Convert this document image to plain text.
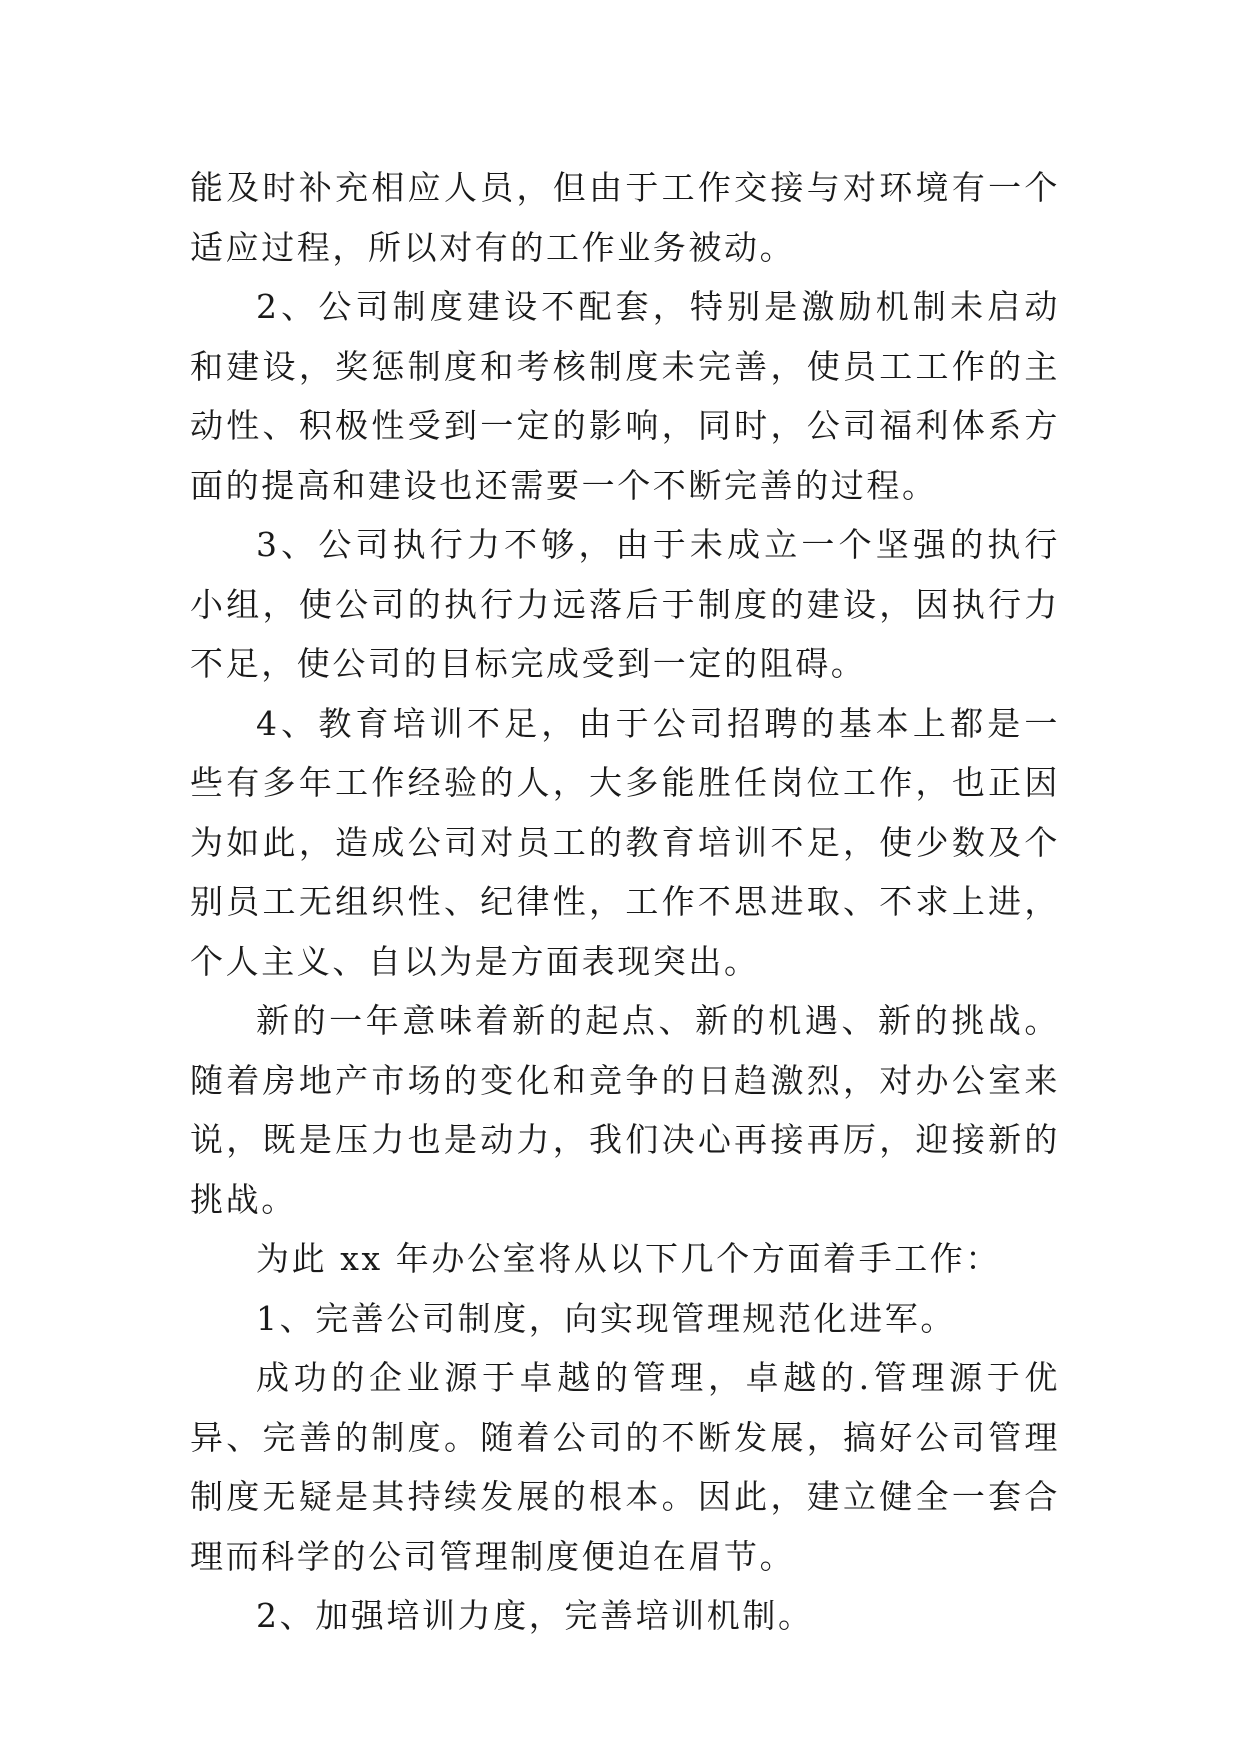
能及时补充相应人员，但由于工作交接与对环境有一个适应过程，所以对有的工作业务被动。

2、公司制度建设不配套，特别是激励机制未启动和建设，奖惩制度和考核制度未完善，使员工工作的主动性、积极性受到一定的影响，同时，公司福利体系方面的提高和建设也还需要一个不断完善的过程。

3、公司执行力不够，由于未成立一个坚强的执行小组，使公司的执行力远落后于制度的建设，因执行力不足，使公司的目标完成受到一定的阻碍。

4、教育培训不足，由于公司招聘的基本上都是一些有多年工作经验的人，大多能胜任岗位工作，也正因为如此，造成公司对员工的教育培训不足，使少数及个别员工无组织性、纪律性，工作不思进取、不求上进，个人主义、自以为是方面表现突出。

新的一年意味着新的起点、新的机遇、新的挑战。随着房地产市场的变化和竞争的日趋激烈，对办公室来说，既是压力也是动力，我们决心再接再厉，迎接新的挑战。

为此 xx 年办公室将从以下几个方面着手工作：

1、完善公司制度，向实现管理规范化进军。

成功的企业源于卓越的管理，卓越的.管理源于优异、完善的制度。随着公司的不断发展，搞好公司管理制度无疑是其持续发展的根本。因此，建立健全一套合理而科学的公司管理制度便迫在眉节。

2、加强培训力度，完善培训机制。
